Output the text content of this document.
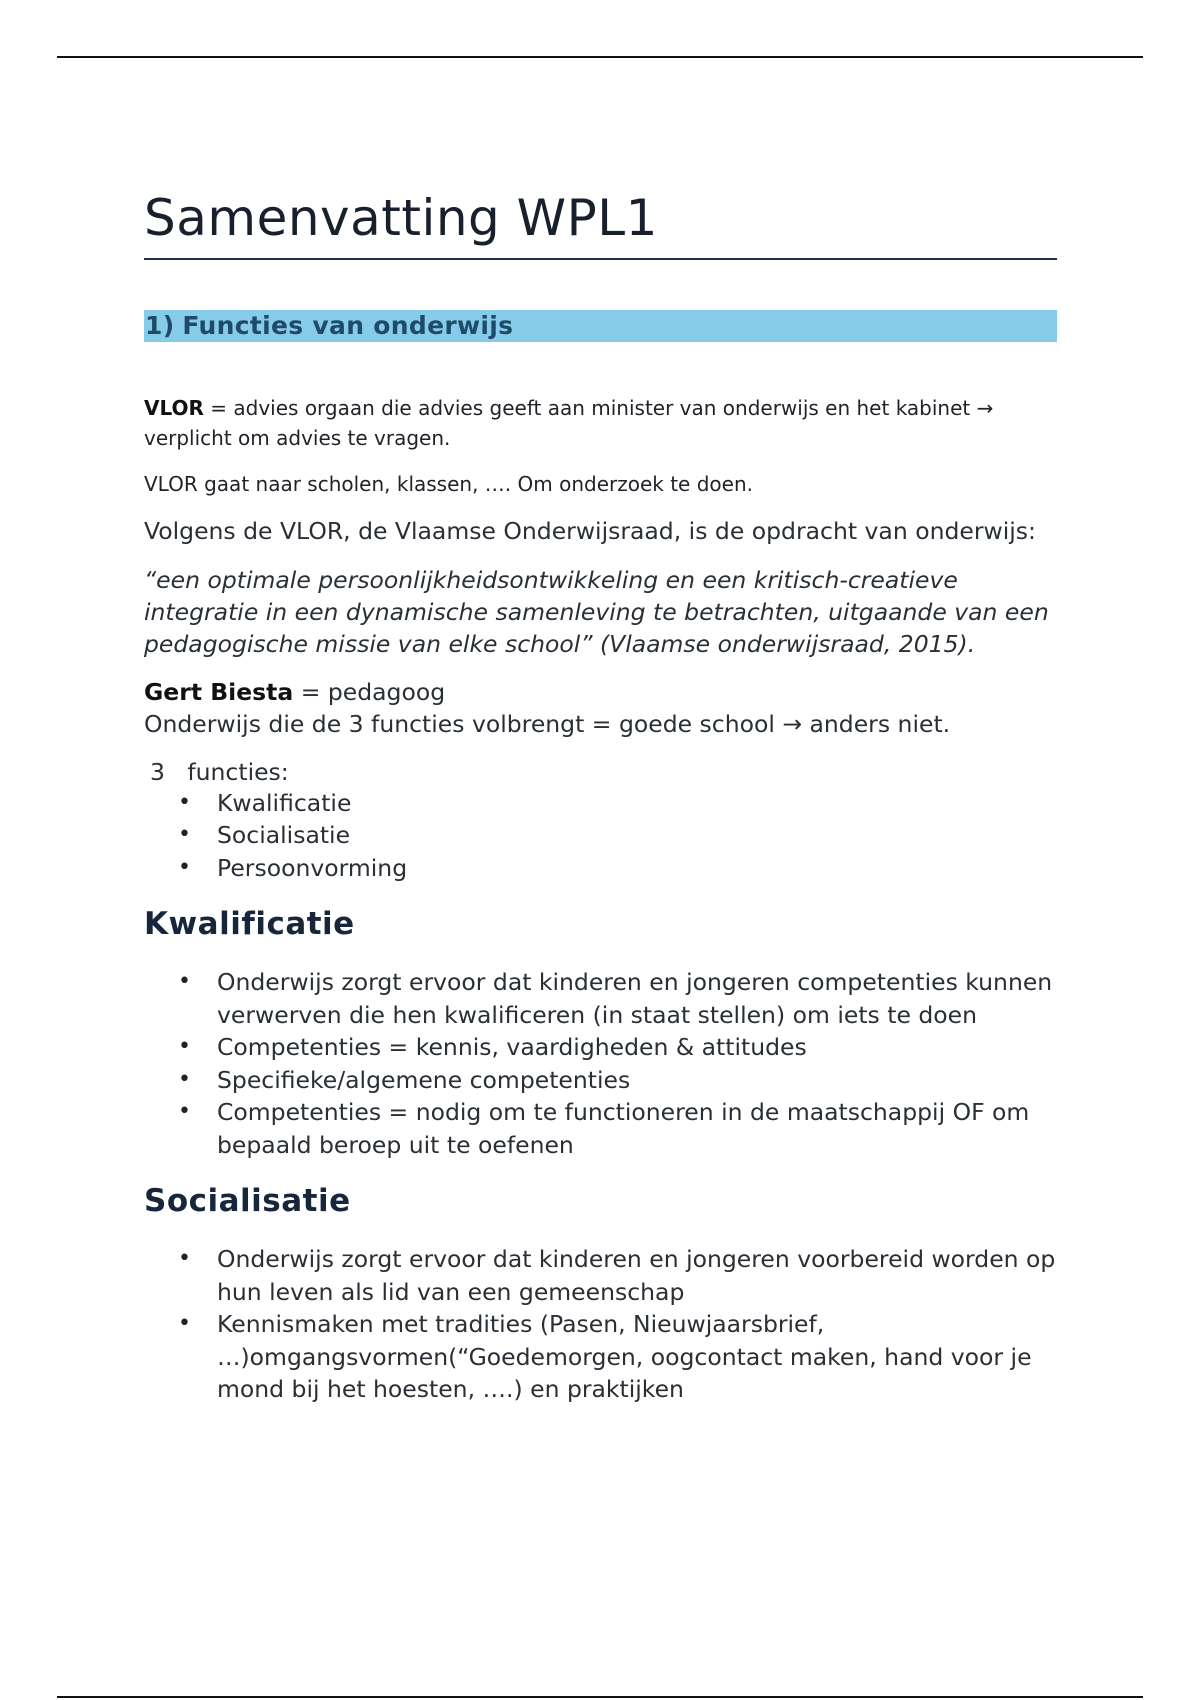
Samenvatting WPL1
1) Functies van onderwijs

VLOR = advies orgaan die advies geeft aan minister van onderwijs en het kabinet → verplicht om advies te vragen.

VLOR gaat naar scholen, klassen, …. Om onderzoek te doen.

Volgens de VLOR, de Vlaamse Onderwijsraad, is de opdracht van onderwijs:

“een optimale persoonlijkheidsontwikkeling en een kritisch-creatieve integratie in een dynamische samenleving te betrachten, uitgaande van een pedagogische missie van elke school” (Vlaamse onderwijsraad, 2015).

Gert Biesta = pedagoog
Onderwijs die de 3 functies volbrengt = goede school → anders niet.

3 functies:

• Kwalificatie
• Socialisatie
• Persoonvorming
Kwalificatie
• Onderwijs zorgt ervoor dat kinderen en jongeren competenties kunnen verwerven die hen kwalificeren (in staat stellen) om iets te doen
• Competenties = kennis, vaardigheden & attitudes
• Specifieke/algemene competenties
• Competenties = nodig om te functioneren in de maatschappij OF om bepaald beroep uit te oefenen
Socialisatie
• Onderwijs zorgt ervoor dat kinderen en jongeren voorbereid worden op hun leven als lid van een gemeenschap
• Kennismaken met tradities (Pasen, Nieuwjaarsbrief, …)omgangsvormen(“Goedemorgen, oogcontact maken, hand voor je mond bij het hoesten, ….) en praktijken
